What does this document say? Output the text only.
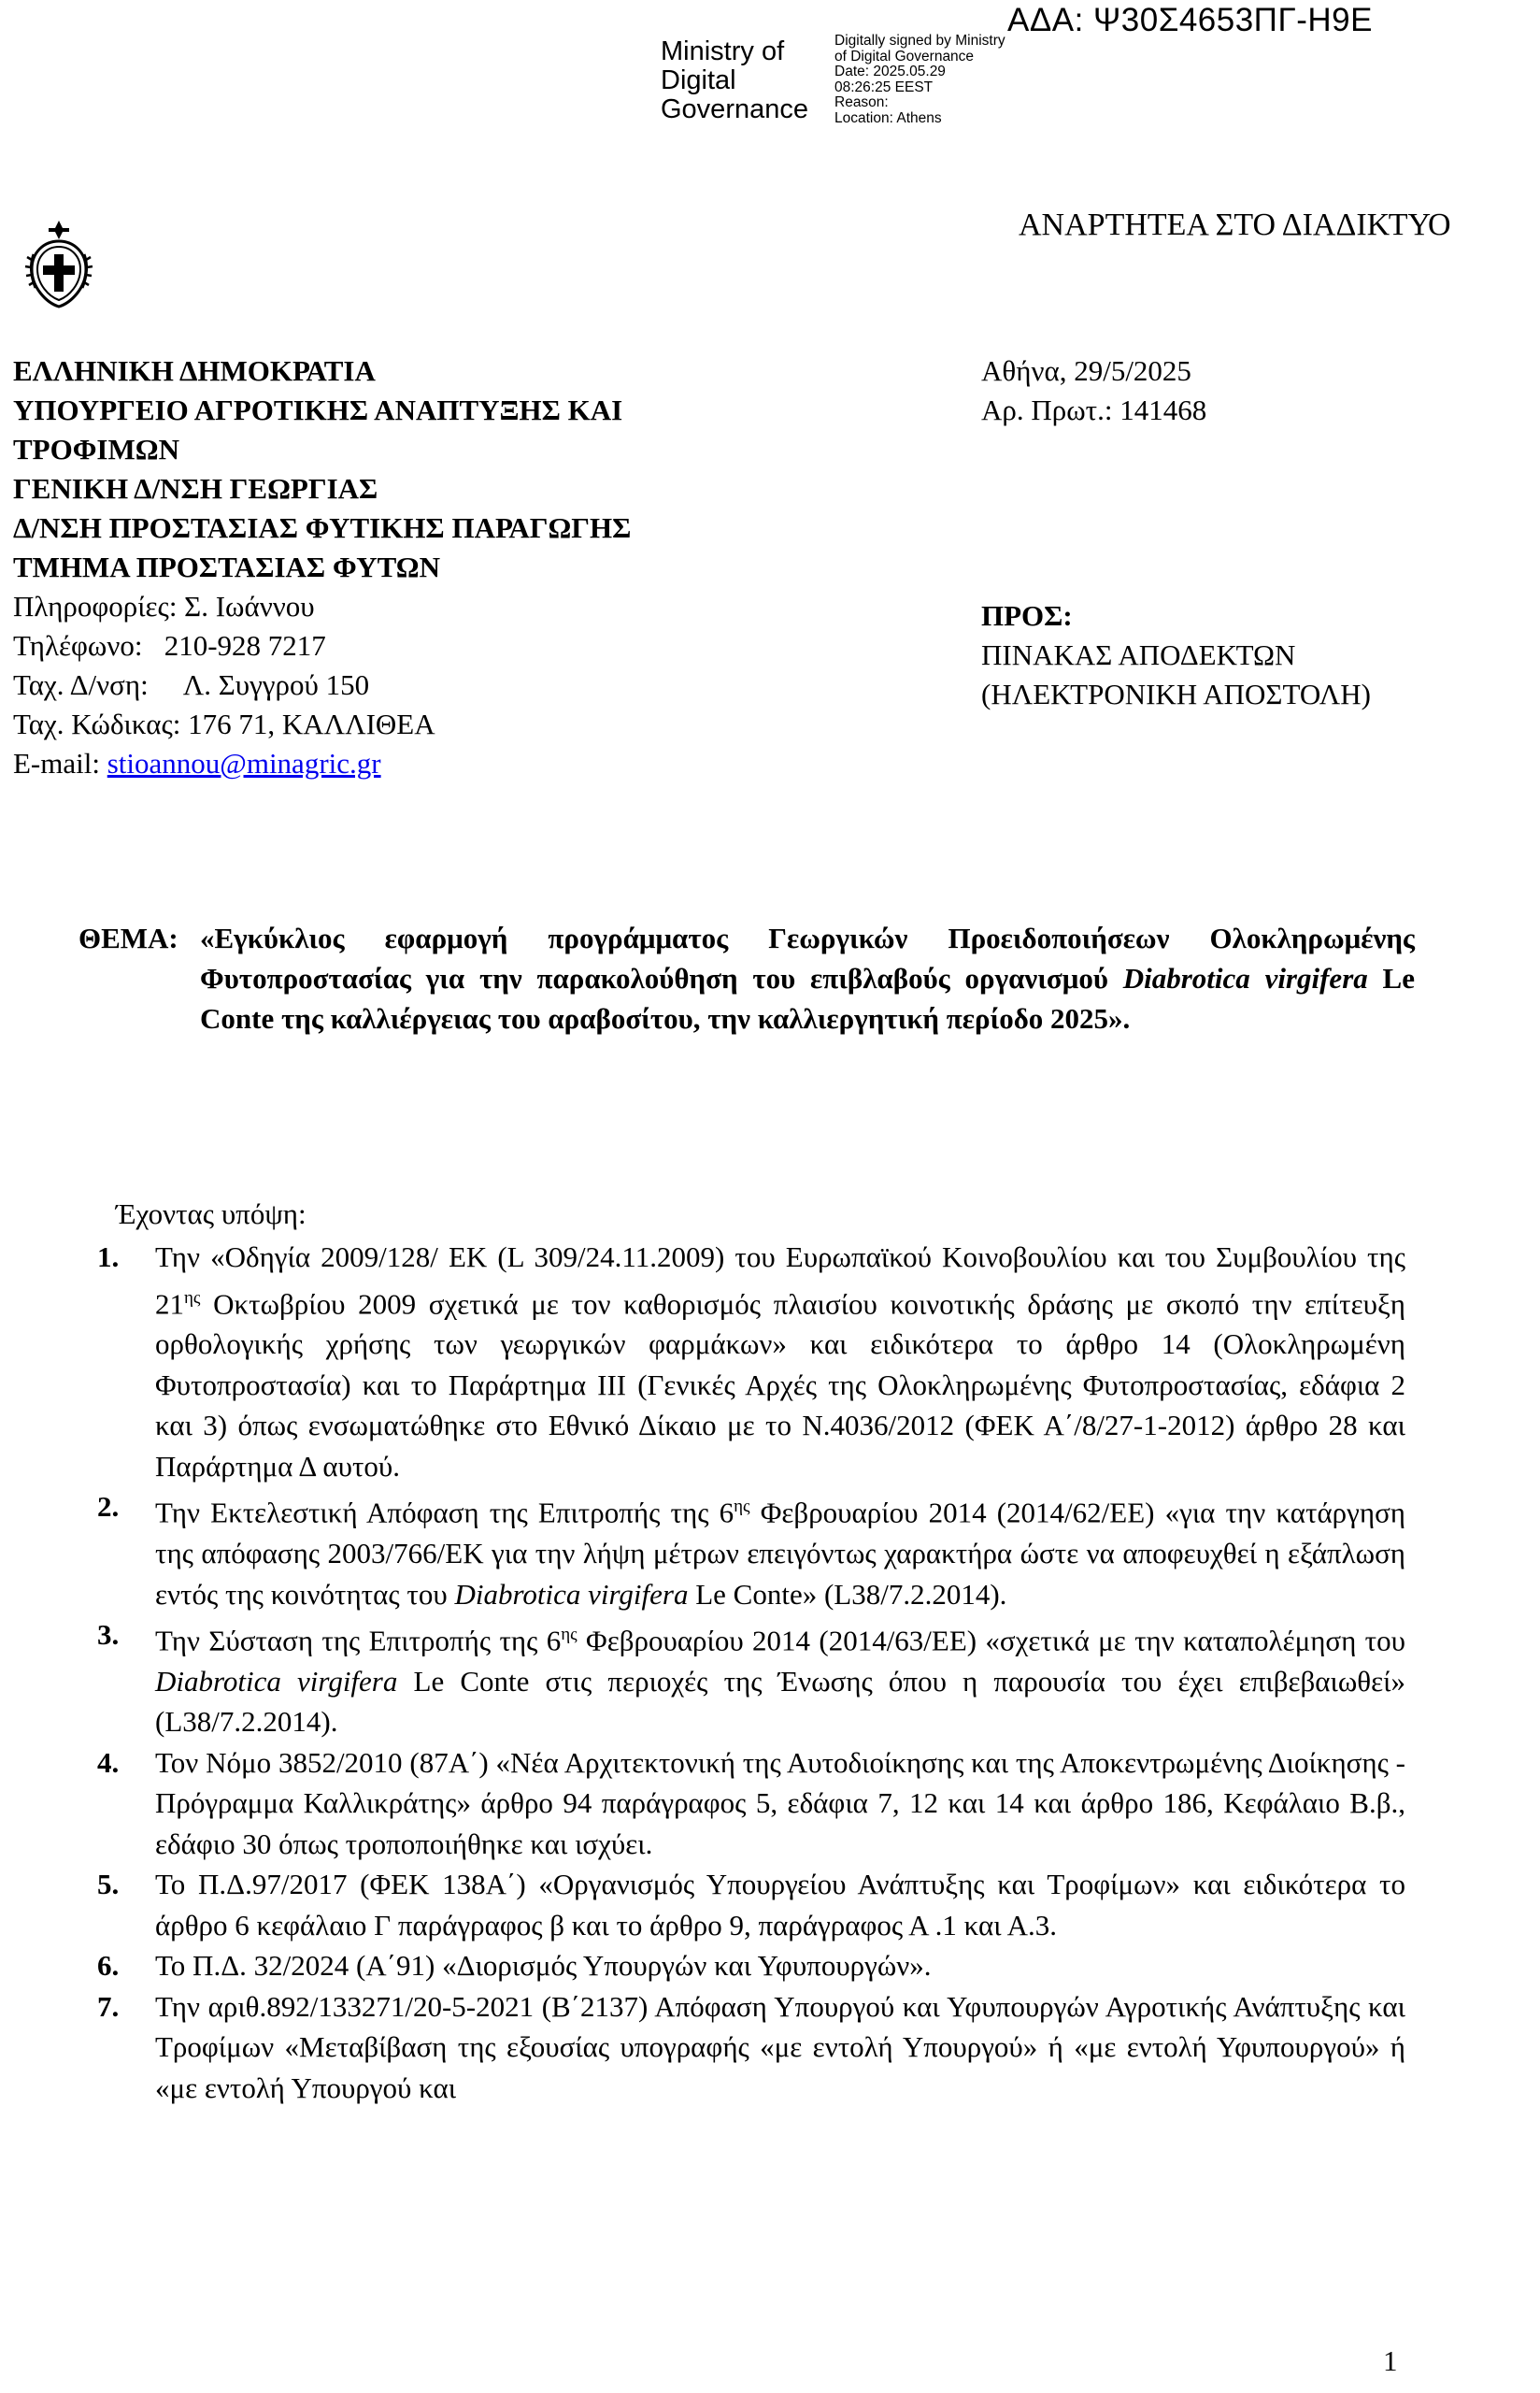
ΑΔΑ: Ψ30Σ4653ΠΓ-Η9Ε
Ministry of
Digital
Governance
Digitally signed by Ministry
of Digital Governance
Date: 2025.05.29
08:26:25 EEST
Reason:
Location: Athens
ΑΝΑΡΤΗΤΕΑ ΣΤΟ ΔΙΑΔΙΚΤΥΟ
ΕΛΛΗΝΙΚΗ ΔΗΜΟΚΡΑΤΙΑ
ΥΠΟΥΡΓΕΙΟ ΑΓΡΟΤΙΚΗΣ ΑΝΑΠΤΥΞΗΣ ΚΑΙ
ΤΡΟΦΙΜΩΝ
ΓΕΝΙΚΗ Δ/ΝΣΗ ΓΕΩΡΓΙΑΣ
Δ/ΝΣΗ ΠΡΟΣΤΑΣΙΑΣ ΦΥΤΙΚΗΣ ΠΑΡΑΓΩΓΗΣ
ΤΜΗΜΑ ΠΡΟΣΤΑΣΙΑΣ ΦΥΤΩΝ
Πληροφορίες: Σ. Ιωάννου
Τηλέφωνο:   210-928 7217
Ταχ. Δ/νση:     Λ. Συγγρού 150
Ταχ. Κώδικας: 176 71, ΚΑΛΛΙΘΕΑ
E-mail: stioannou@minagric.gr
Αθήνα, 29/5/2025
Αρ. Πρωτ.: 141468
ΠΡΟΣ:
ΠΙΝΑΚΑΣ ΑΠΟΔΕΚΤΩΝ
(ΗΛΕΚΤΡΟΝΙΚΗ ΑΠΟΣΤΟΛΗ)
ΘΕΜΑ: «Εγκύκλιος εφαρμογή προγράμματος Γεωργικών Προειδοποιήσεων Ολοκληρωμένης Φυτοπροστασίας για την παρακολούθηση του επιβλαβούς οργανισμού Diabrotica virgifera Le Conte της καλλιέργειας του αραβοσίτου, την καλλιεργητική περίοδο 2025».
Έχοντας υπόψη:
1. Την «Οδηγία 2009/128/ ΕΚ (L 309/24.11.2009) του Ευρωπαϊκού Κοινοβουλίου και του Συμβουλίου της $21^{\eta\varsigma}$ Οκτωβρίου 2009 σχετικά με τον καθορισμός πλαισίου κοινοτικής δράσης με σκοπό την επίτευξη ορθολογικής χρήσης των γεωργικών φαρμάκων» και ειδικότερα το άρθρο 14 (Ολοκληρωμένη Φυτοπροστασία) και το Παράρτημα ΙΙΙ (Γενικές Αρχές της Ολοκληρωμένης Φυτοπροστασίας, εδάφια 2 και 3) όπως ενσωματώθηκε στο Εθνικό Δίκαιο με το Ν.4036/2012 (ΦΕΚ Α΄/8/27-1-2012) άρθρο 28 και Παράρτημα Δ αυτού.
2. Την Εκτελεστική Απόφαση της Επιτροπής της $6^{\eta\varsigma}$ Φεβρουαρίου 2014 (2014/62/ΕΕ) «για την κατάργηση της απόφασης 2003/766/ΕΚ για την λήψη μέτρων επειγόντως χαρακτήρα ώστε να αποφευχθεί η εξάπλωση εντός της κοινότητας του Diabrotica virgifera Le Conte» (L38/7.2.2014).
3. Την Σύσταση της Επιτροπής της $6^{\eta\varsigma}$ Φεβρουαρίου 2014 (2014/63/ΕΕ) «σχετικά με την καταπολέμηση του Diabrotica virgifera Le Conte στις περιοχές της Ένωσης όπου η παρουσία του έχει επιβεβαιωθεί» (L38/7.2.2014).
4. Τον Νόμο 3852/2010 (87Α΄) «Νέα Αρχιτεκτονική της Αυτοδιοίκησης και της Αποκεντρωμένης Διοίκησης - Πρόγραμμα Καλλικράτης» άρθρο 94 παράγραφος 5, εδάφια 7, 12 και 14 και άρθρο 186, Κεφάλαιο Β.β., εδάφιο 30 όπως τροποποιήθηκε και ισχύει.
5. Το Π.Δ.97/2017 (ΦΕΚ 138Α΄) «Οργανισμός Υπουργείου Ανάπτυξης και Τροφίμων» και ειδικότερα το άρθρο 6 κεφάλαιο Γ παράγραφος β και το άρθρο 9, παράγραφος Α .1 και Α.3.
6. Το Π.Δ. 32/2024 (Α΄91) «Διορισμός Υπουργών και Υφυπουργών».
7. Την αριθ.892/133271/20-5-2021 (Β΄2137) Απόφαση Υπουργού και Υφυπουργών Αγροτικής Ανάπτυξης και Τροφίμων «Μεταβίβαση της εξουσίας υπογραφής «με εντολή Υπουργού» ή «με εντολή Υφυπουργού» ή «με εντολή Υπουργού και
1
